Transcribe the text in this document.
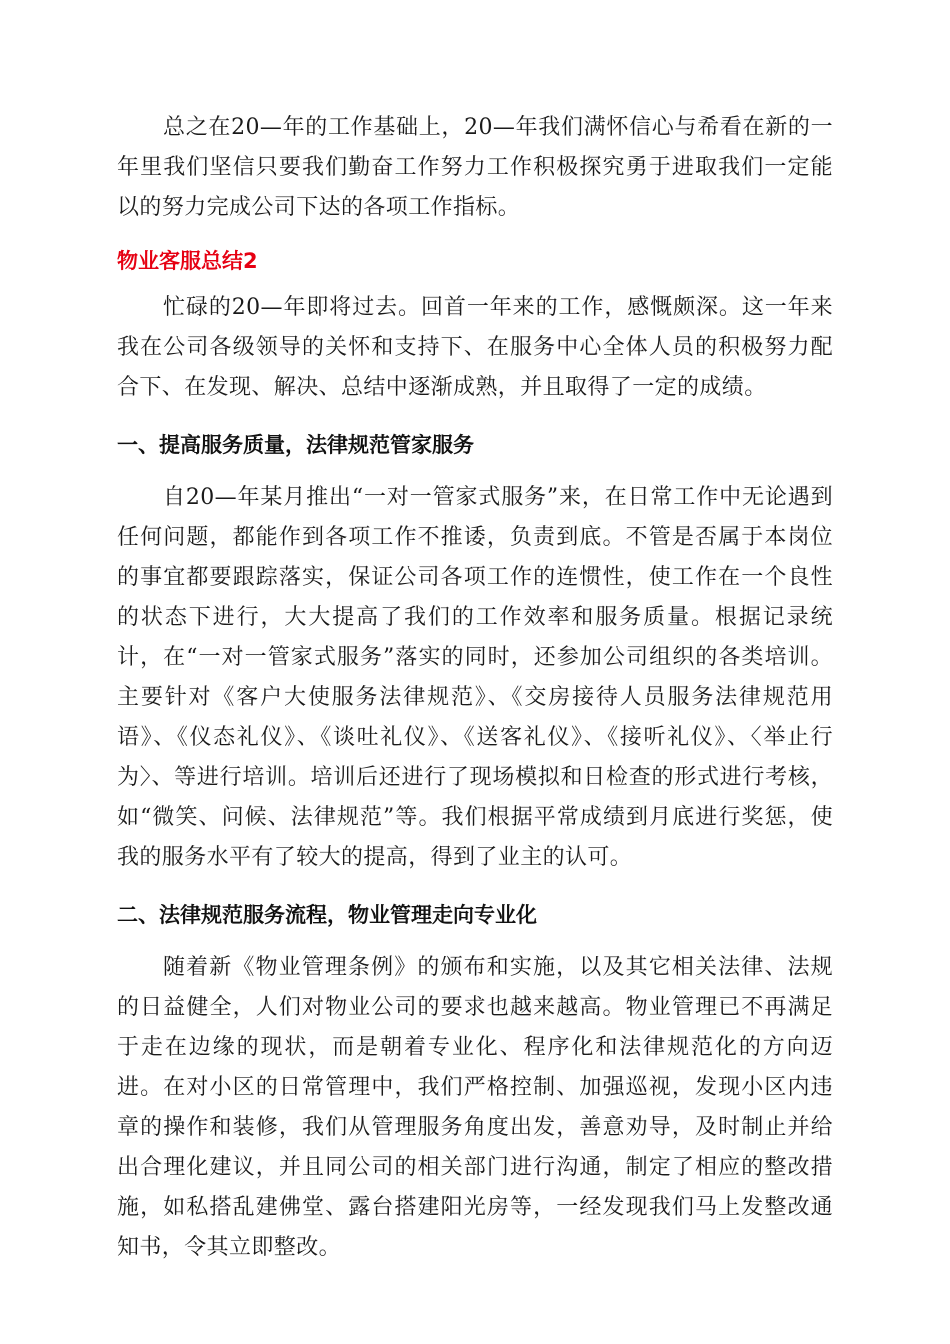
总之在20—年的工作基础上，20—年我们满怀信心与希看在新的一年里我们坚信只要我们勤奋工作努力工作积极探究勇于进取我们一定能以的努力完成公司下达的各项工作指标。

物业客服总结2

忙碌的20—年即将过去。回首一年来的工作，感慨颇深。这一年来我在公司各级领导的关怀和支持下、在服务中心全体人员的积极努力配合下、在发现、解决、总结中逐渐成熟，并且取得了一定的成绩。

一、提高服务质量，法律规范管家服务

自20—年某月推出“一对一管家式服务”来，在日常工作中无论遇到任何问题，都能作到各项工作不推诿，负责到底。不管是否属于本岗位的事宜都要跟踪落实，保证公司各项工作的连惯性，使工作在一个良性的状态下进行，大大提高了我们的工作效率和服务质量。根据记录统计，在“一对一管家式服务”落实的同时，还参加公司组织的各类培训。主要针对《客户大使服务法律规范》、《交房接待人员服务法律规范用语》、《仪态礼仪》、《谈吐礼仪》、《送客礼仪》、《接听礼仪》、〈举止行为〉、等进行培训。培训后还进行了现场模拟和日检查的形式进行考核，如“微笑、问候、法律规范”等。我们根据平常成绩到月底进行奖惩，使我的服务水平有了较大的提高，得到了业主的认可。

二、法律规范服务流程，物业管理走向专业化

随着新《物业管理条例》的颁布和实施，以及其它相关法律、法规的日益健全，人们对物业公司的要求也越来越高。物业管理已不再满足于走在边缘的现状，而是朝着专业化、程序化和法律规范化的方向迈进。在对小区的日常管理中，我们严格控制、加强巡视，发现小区内违章的操作和装修，我们从管理服务角度出发，善意劝导，及时制止并给出合理化建议，并且同公司的相关部门进行沟通，制定了相应的整改措施，如私搭乱建佛堂、露台搭建阳光房等，一经发现我们马上发整改通知书，令其立即整改。
